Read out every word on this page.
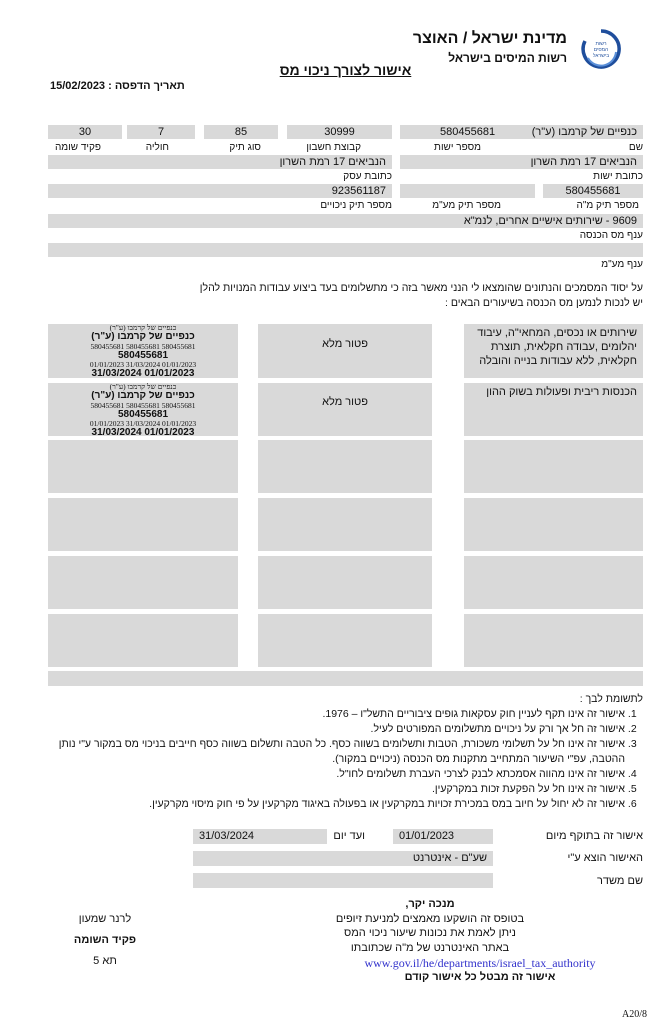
רשות
המסים
בישראל
מדינת ישראל / האוצר
רשות המיסים בישראל
אישור לצורך ניכוי מס
תאריך הדפסה : 15/02/2023
כנפיים של קרמבו (ע"ר)
580455681
30999
85
7
30
שם
מספר ישות
קבוצת חשבון
סוג תיק
חוליה
פקיד שומה
הנביאים 17 רמת השרון
הנביאים 17 רמת השרון
כתובת ישות
כתובת עסק
580455681
923561187
מספר תיק מ"ה
מספר תיק מע"מ
מספר תיק ניכויים
9609 - שירותים אישיים אחרים, לנמ"א
ענף מס הכנסה
ענף מע"מ
על יסוד המסמכים והנתונים שהומצאו לי הנני מאשר בזה כי מתשלומים בעד ביצוע עבודות המנויות להלן
יש לנכות לנמען מס הכנסה בשיעורים הבאים :
שירותים או נכסים, המחאי"ה, עיבוד יהלומים ,עבודה חקלאית, תוצרת חקלאית, ללא עבודות בנייה והובלה
פטור מלא
כנפיים של קרמבו (ע"ר)
כנפיים של קרמבו (ע"ר)
580455681 580455681 580455681
580455681
01/01/2023 31/03/2024 01/01/2023
31/03/2024 01/01/2023
הכנסות ריבית ופעולות בשוק ההון
פטור מלא
כנפיים של קרמבו (ע"ר)
כנפיים של קרמבו (ע"ר)
580455681 580455681 580455681
580455681
01/01/2023 31/03/2024 01/01/2023
31/03/2024 01/01/2023
לתשומת לבך :
1. אישור זה אינו תקף לעניין חוק עסקאות גופים ציבוריים התשל"ו – 1976.
2. אישור זה חל אך ורק על ניכויים מתשלומים המפורטים לעיל.
3. אישור זה אינו חל על תשלומי משכורת, הטבות ותשלומים בשווה כסף. כל הטבה ותשלום בשווה כסף חייבים בניכוי מס במקור ע"י נותן ההטבה, עפ"י השיעור המתחייב מתקנות מס הכנסה (ניכויים במקור).
4. אישור זה אינו מהווה אסמכתא לבנק לצרכי העברת תשלומים לחו"ל.
5. אישור זה אינו חל על הפקעת זכות במקרקעין.
6. אישור זה לא יחול על חיוב במס במכירת זכויות במקרקעין או בפעולה באיגוד מקרקעין על פי חוק מיסוי מקרקעין.
אישור זה בתוקף מיום
01/01/2023
ועד יום
31/03/2024
האישור הוצא ע"י
שע"ם - אינטרנט
שם משדר
מנכה יקר,
בטופס זה הושקעו מאמצים למניעת זיופים
ניתן לאמת את נכונות שיעור ניכוי המס
באתר האינטרנט של מ"ה שכתובתו
www.gov.il/he/departments/israel_tax_authority
אישור זה מבטל כל אישור קודם
לרנר שמעון
פקיד השומה
תא 5
A20/8
